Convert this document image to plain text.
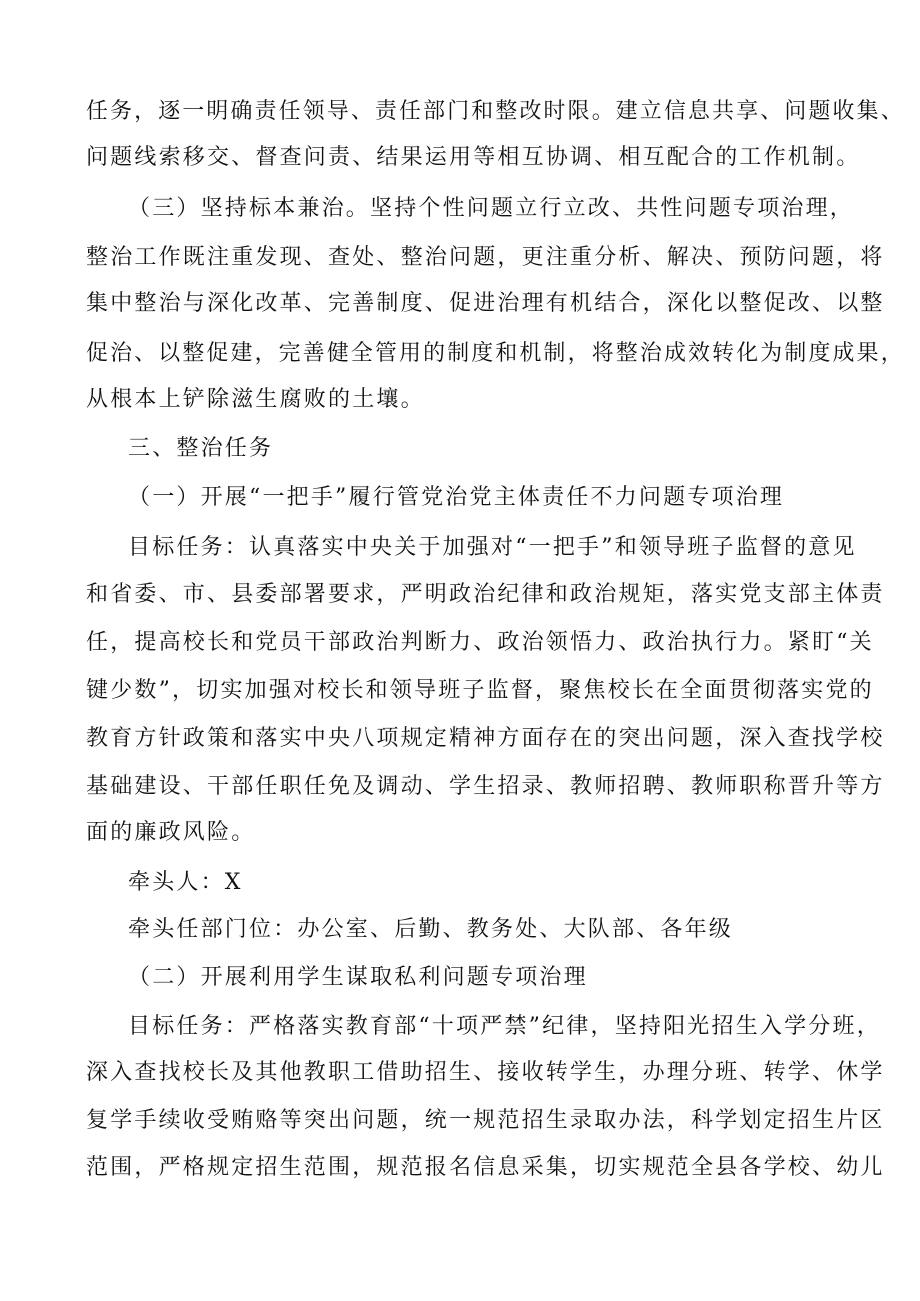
任务，逐一明确责任领导、责任部门和整改时限。建立信息共享、问题收集、
问题线索移交、督查问责、结果运用等相互协调、相互配合的工作机制。
（三）坚持标本兼治。坚持个性问题立行立改、共性问题专项治理，
整治工作既注重发现、查处、整治问题，更注重分析、解决、预防问题，将
集中整治与深化改革、完善制度、促进治理有机结合，深化以整促改、以整
促治、以整促建，完善健全管用的制度和机制，将整治成效转化为制度成果，
从根本上铲除滋生腐败的土壤。
三、整治任务
（一）开展“一把手”履行管党治党主体责任不力问题专项治理
目标任务：认真落实中央关于加强对“一把手”和领导班子监督的意见
和省委、市、县委部署要求，严明政治纪律和政治规矩，落实党支部主体责
任，提高校长和党员干部政治判断力、政治领悟力、政治执行力。紧盯“关
键少数”，切实加强对校长和领导班子监督，聚焦校长在全面贯彻落实党的
教育方针政策和落实中央八项规定精神方面存在的突出问题，深入查找学校
基础建设、干部任职任免及调动、学生招录、教师招聘、教师职称晋升等方
面的廉政风险。
牵头人：X
牵头任部门位：办公室、后勤、教务处、大队部、各年级
（二）开展利用学生谋取私利问题专项治理
目标任务：严格落实教育部“十项严禁”纪律，坚持阳光招生入学分班，
深入查找校长及其他教职工借助招生、接收转学生，办理分班、转学、休学
复学手续收受贿赂等突出问题，统一规范招生录取办法，科学划定招生片区
范围，严格规定招生范围，规范报名信息采集，切实规范全县各学校、幼儿
